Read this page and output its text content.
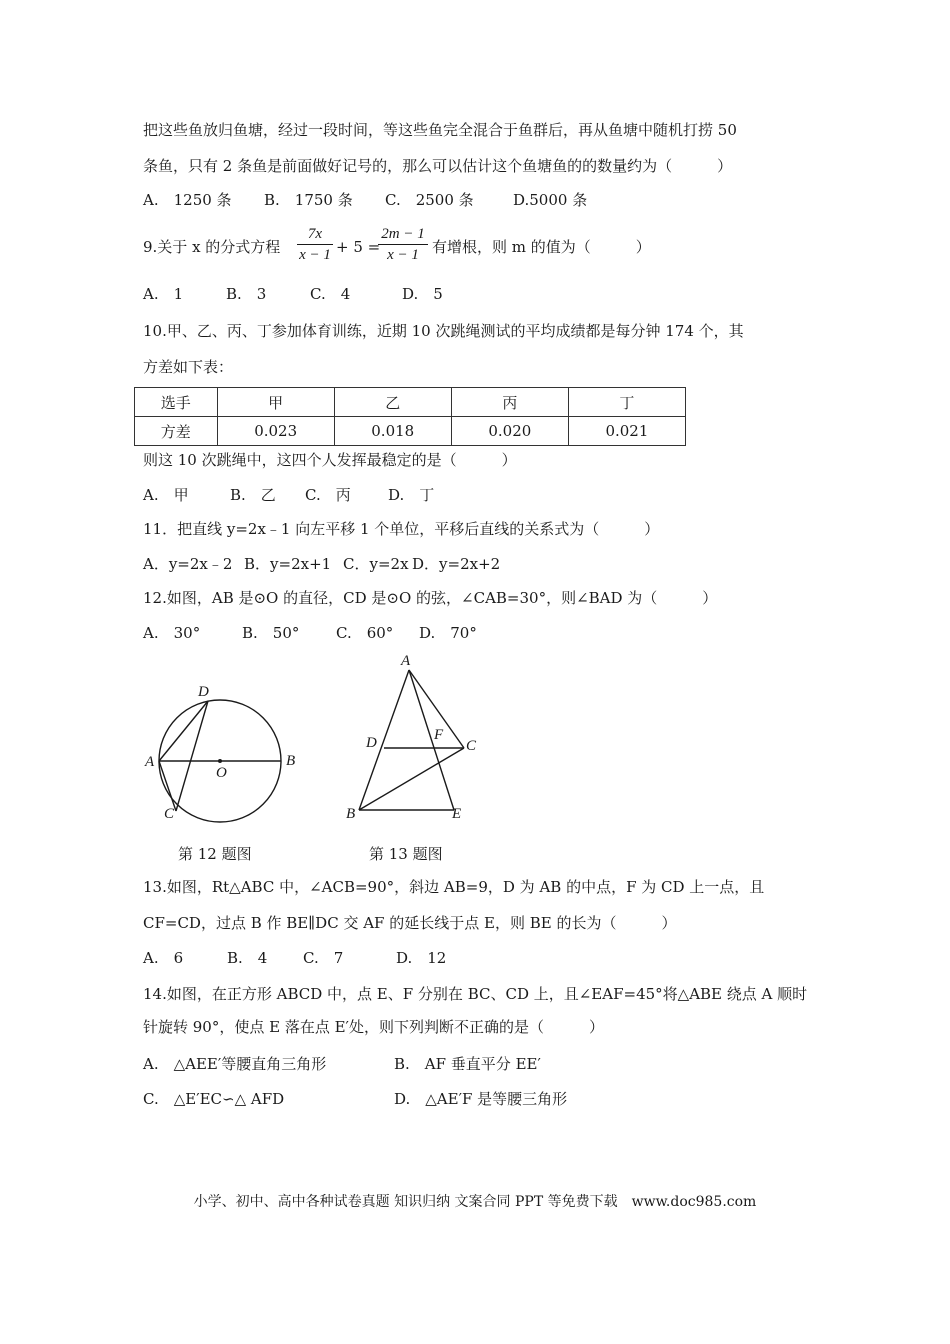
把这些鱼放归鱼塘，经过一段时间，等这些鱼完全混合于鱼群后，再从鱼塘中随机打捞 50
条鱼，只有 2 条鱼是前面做好记号的，那么可以估计这个鱼塘鱼的的数量约为（　　　）
A.　1250 条 B.　1750 条 C.　2500 条	D.5000 条
9.关于 x 的分式方程
7x
x − 1 + 5 =
2m − 1
x − 1 有增根，则 m 的值为（　　　）
A.　1	B.　3	C.　4	D.　5
10.甲、乙、丙、丁参加体育训练，近期 10 次跳绳测试的平均成绩都是每分钟 174 个，其
方差如下表：
选手	甲	乙	丙	丁
方差	0.023	0.018	0.020	0.021
则这 10 次跳绳中，这四个人发挥最稳定的是（　　　）
A.　甲	B.　乙 C.　丙 D.　丁
11．把直线 y=2x﹣1 向左平移 1 个单位，平移后直线的关系式为（　　　）
A．y=2x﹣2 B．y=2x+1 C．y=2x D．y=2x+2
12.如图，AB 是⊙O 的直径，CD 是⊙O 的弦，∠CAB=30°，则∠BAD 为（　　　）
A.　30°	B.　50° C.　60° D.　70°
A	B
C
D
O
第 12 题图
A
B
C
D
E
F
第 13 题图
13.如图，Rt△ABC 中，∠ACB=90°，斜边 AB=9，D 为 AB 的中点，F 为 CD 上一点，且
CF=CD，过点 B 作 BE∥DC 交 AF 的延长线于点 E，则 BE 的长为（　　　）
A.　6	B.　4 C.　7	D.　12
14.如图，在正方形 ABCD 中，点 E、F 分别在 BC、CD 上，且∠EAF=45°将△ABE 绕点 A 顺时
针旋转 90°，使点 E 落在点 E′处，则下列判断不正确的是（　　　）
A.　△AEE′等腰直角三角形	B.　AF 垂直平分 EE′
C.　△E′EC∽△ AFD	D.　△AE′F 是等腰三角形
小学、初中、高中各种试卷真题 知识归纳 文案合同 PPT 等免费下载　www.doc985.com
